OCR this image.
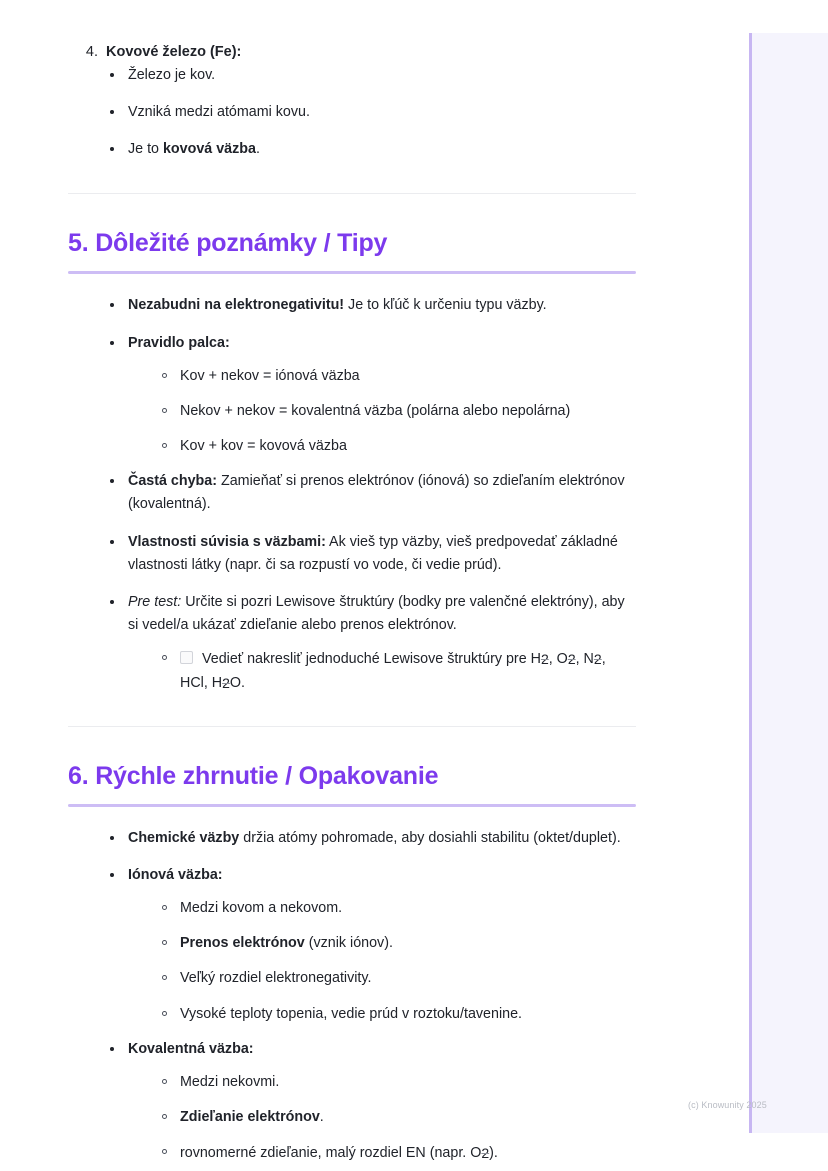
4. Kovové železo (Fe):
Železo je kov.
Vzniká medzi atómami kovu.
Je to kovová väzba.
5. Dôležité poznámky / Tipy
Nezabudni na elektronegativitu! Je to kľúč k určeniu typu väzby.
Pravidlo palca:
Kov + nekov = iónová väzba
Nekov + nekov = kovalentná väzba (polárna alebo nepolárna)
Kov + kov = kovová väzba
Častá chyba: Zamieňať si prenos elektrónov (iónová) so zdieľaním elektrónov (kovalentná).
Vlastnosti súvisia s väzbami: Ak vieš typ väzby, vieš predpovedať základné vlastnosti látky (napr. či sa rozpustí vo vode, či vedie prúd).
Pre test: Určite si pozri Lewisove štruktúry (bodky pre valenčné elektróny), aby si vedel/a ukázať zdieľanie alebo prenos elektrónov.
Vedieť nakresliť jednoduché Lewisove štruktúry pre H2, O2, N2, HCl, H2O.
6. Rýchle zhrnutie / Opakovanie
Chemické väzby držia atómy pohromade, aby dosiahli stabilitu (oktet/duplet).
Iónová väzba:
Medzi kovom a nekovom.
Prenos elektrónov (vznik iónov).
Veľký rozdiel elektronegativity.
Vysoké teploty topenia, vedie prúd v roztoku/tavenine.
Kovalentná väzba:
Medzi nekovmi.
Zdieľanie elektrónov.
rovnomerné zdieľanie, malý rozdiel EN (napr. O2).
(c) Knowunity 2025
